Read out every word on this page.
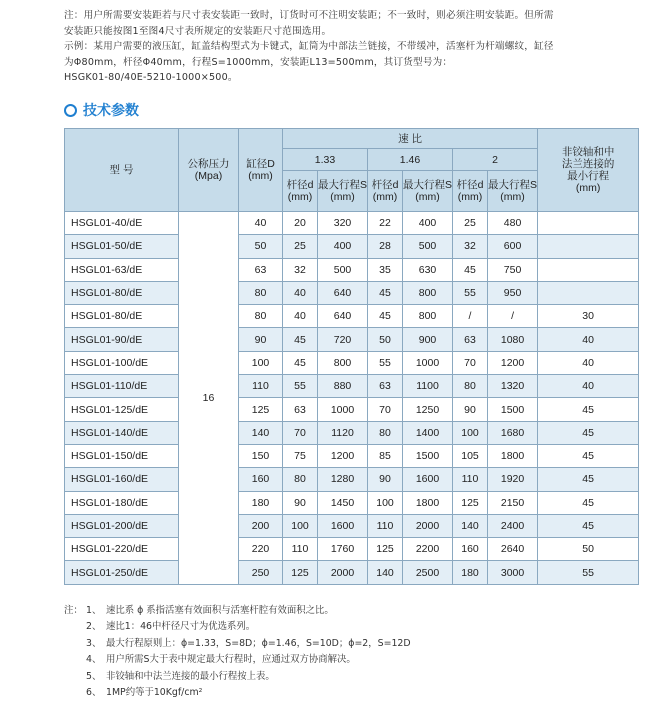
注：用户所需要安装距若与尺寸表安装距一致时，订货时可不注明安装距；不一致时，则必须注明安装距。但所需

安装距只能按图1至图4尺寸表所规定的安装距尺寸范围选用。

示例：某用户需要的液压缸，缸盖结构型式为卡键式，缸筒为中部法兰链接，不带缓冲，活塞杆为杆端螺纹，缸径

为Φ80mm，杆径Φ40mm，行程S=1000mm，安装距L13=500mm，其订货型号为：

HSGK01-80/40E-5210-1000×500。

技术参数
型 号	公称压力
(Mpa)	缸径D
(mm)	速 比						非铰轴和中
法兰连接的
最小行程
(mm)
			1.33		1.46		2		
			杆径d
(mm)	最大行程S
(mm)	杆径d
(mm)	最大行程S
(mm)	杆径d
(mm)	最大行程S
(mm)	
HSGL01-40/dE	16	40	20	320	22	400	25	480	
HSGL01-50/dE		50	25	400	28	500	32	600	
HSGL01-63/dE		63	32	500	35	630	45	750	
HSGL01-80/dE		80	40	640	45	800	55	950	
HSGL01-80/dE		80	40	640	45	800	/	/	30
HSGL01-90/dE		90	45	720	50	900	63	1080	40
HSGL01-100/dE		100	45	800	55	1000	70	1200	40
HSGL01-110/dE		110	55	880	63	1100	80	1320	40
HSGL01-125/dE		125	63	1000	70	1250	90	1500	45
HSGL01-140/dE		140	70	1120	80	1400	100	1680	45
HSGL01-150/dE		150	75	1200	85	1500	105	1800	45
HSGL01-160/dE		160	80	1280	90	1600	110	1920	45
HSGL01-180/dE		180	90	1450	100	1800	125	2150	45
HSGL01-200/dE		200	100	1600	110	2000	140	2400	45
HSGL01-220/dE		220	110	1760	125	2200	160	2640	50
HSGL01-250/dE		250	125	2000	140	2500	180	3000	55
注： 1、 速比系 ϕ 系指活塞有效面积与活塞杆腔有效面积之比。
2、 速比1：46中杆径尺寸为优选系列。
3、 最大行程原则上：ϕ=1.33，S=8D；ϕ=1.46，S=10D；ϕ=2，S=12D
4、 用户所需S大于表中规定最大行程时，应通过双方协商解决。
5、 非铰轴和中法兰连接的最小行程按上表。
6、 1MP约等于10Kgf/cm²
